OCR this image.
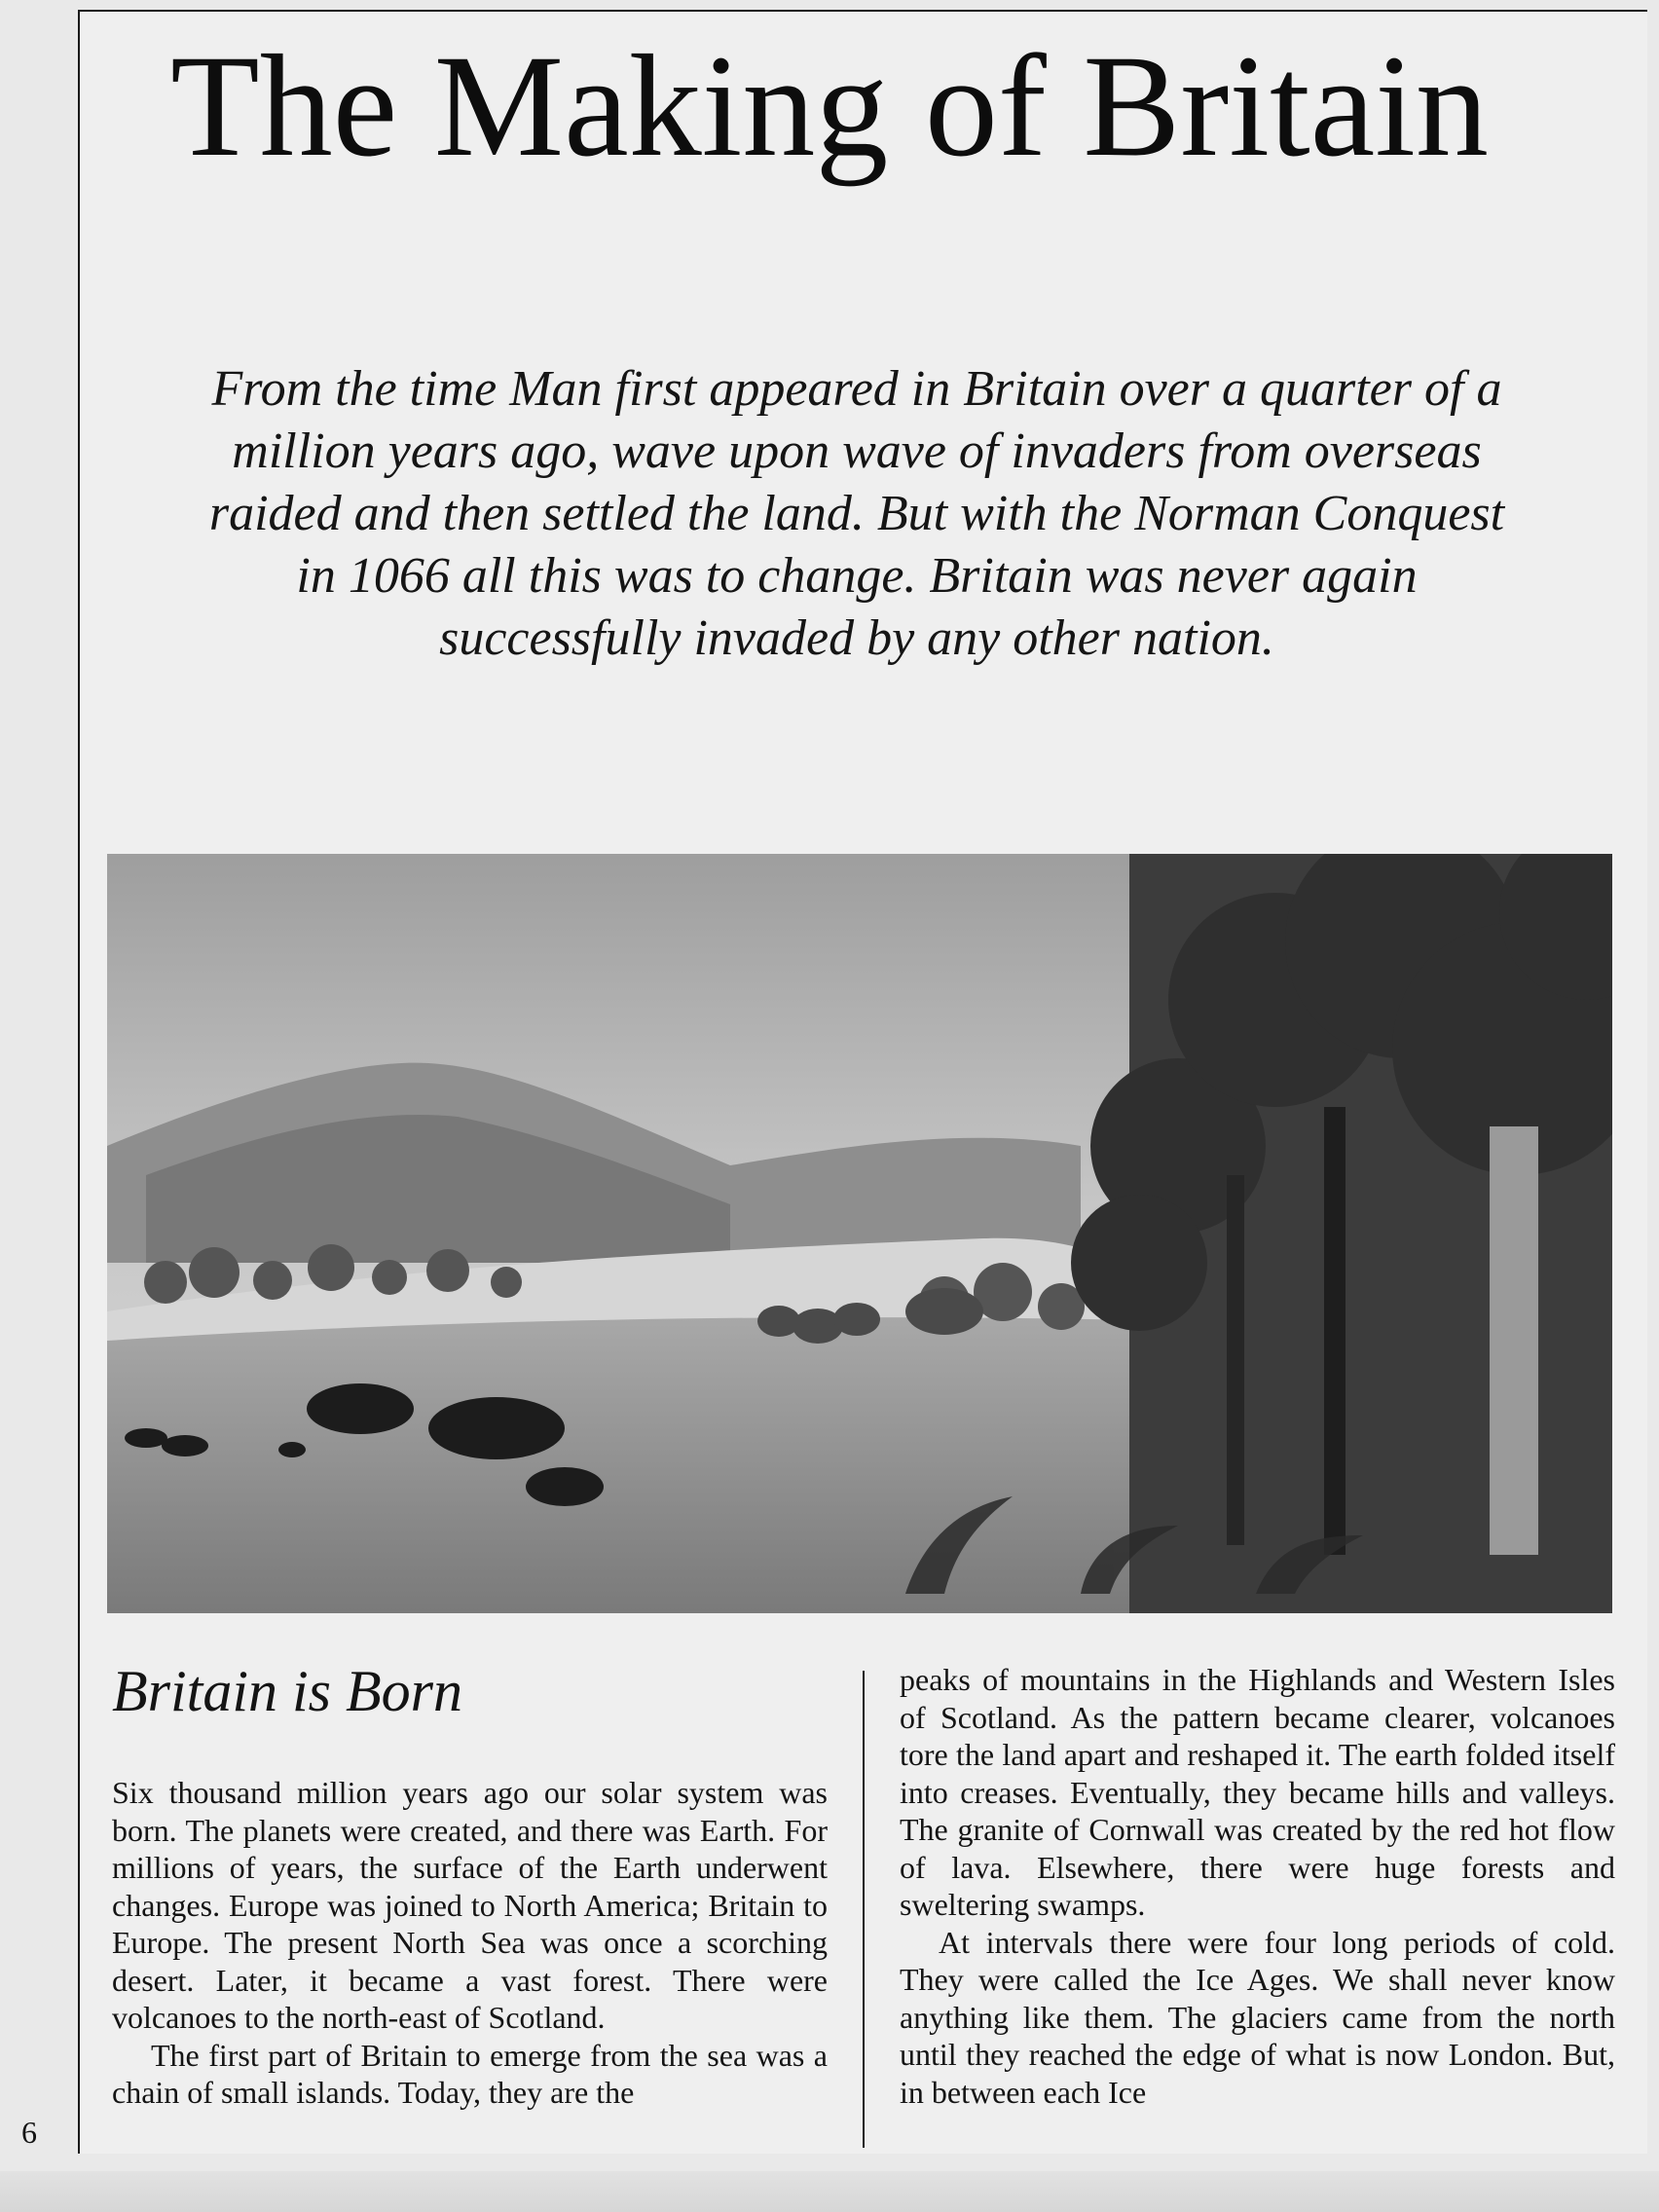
The Making of Britain

From the time Man first appeared in Britain over a quarter of a million years ago, wave upon wave of invaders from overseas raided and then settled the land. But with the Norman Conquest in 1066 all this was to change. Britain was never again successfully invaded by any other nation.

Britain is Born

Six thousand million years ago our solar system was born. The planets were created, and there was Earth. For millions of years, the surface of the Earth underwent changes. Europe was joined to North America; Britain to Europe. The present North Sea was once a scorching desert. Later, it became a vast forest. There were volcanoes to the north-east of Scotland.

The first part of Britain to emerge from the sea was a chain of small islands. Today, they are the

peaks of mountains in the Highlands and Western Isles of Scotland. As the pattern became clearer, volcanoes tore the land apart and reshaped it. The earth folded itself into creases. Eventually, they became hills and valleys. The granite of Cornwall was created by the red hot flow of lava. Elsewhere, there were huge forests and sweltering swamps.

At intervals there were four long periods of cold. They were called the Ice Ages. We shall never know anything like them. The glaciers came from the north until they reached the edge of what is now London. But, in between each Ice

6
